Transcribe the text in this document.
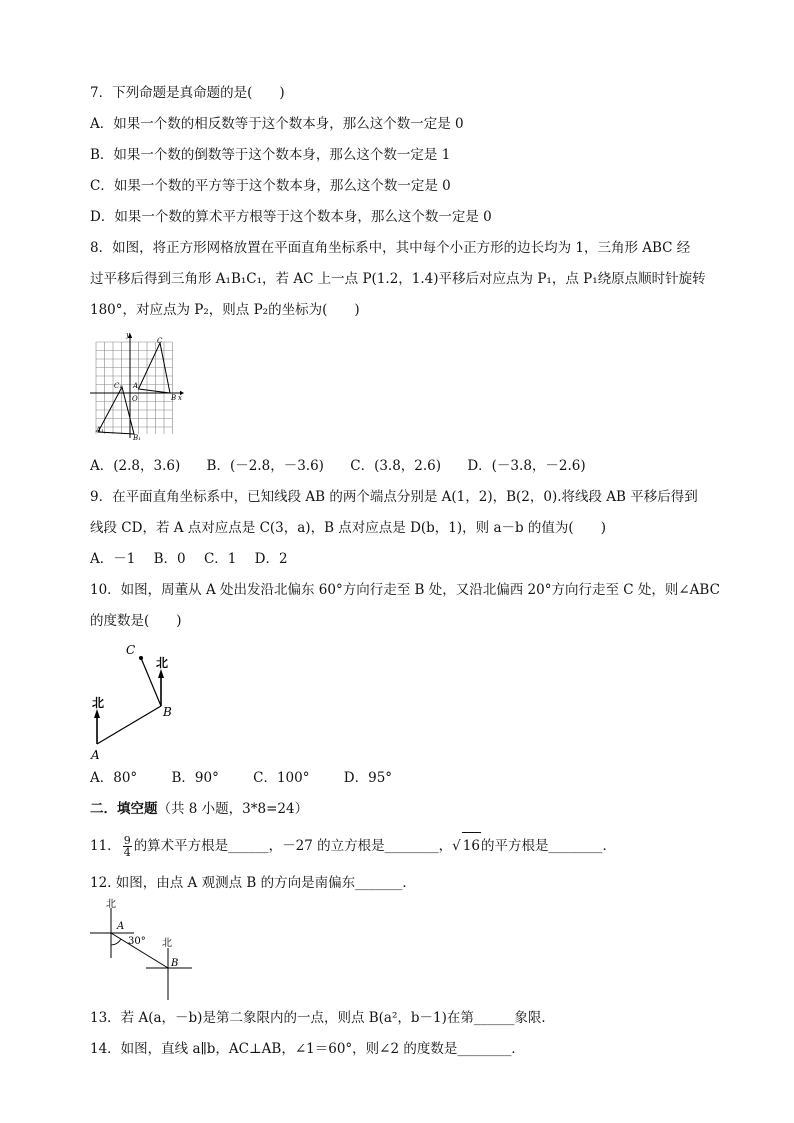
7．下列命题是真命题的是(　　)
A．如果一个数的相反数等于这个数本身，那么这个数一定是 0
B．如果一个数的倒数等于这个数本身，那么这个数一定是 1
C．如果一个数的平方等于这个数本身，那么这个数一定是 0
D．如果一个数的算术平方根等于这个数本身，那么这个数一定是 0
8．如图，将正方形网格放置在平面直角坐标系中，其中每个小正方形的边长均为 1，三角形 ABC 经
过平移后得到三角形 A₁B₁C₁，若 AC 上一点 P(1.2，1.4)平移后对应点为 P₁，点 P₁绕原点顺时针旋转
180°，对应点为 P₂，则点 P₂的坐标为(　　)
y
x
O
A
B
C
A₁
B₁
C₁
A．(2.8，3.6) B．(－2.8，－3.6) C．(3.8，2.6) D．(－3.8，－2.6)
9．在平面直角坐标系中，已知线段 AB 的两个端点分别是 A(1，2)，B(2，0).将线段 AB 平移后得到
线段 CD，若 A 点对应点是 C(3，a)，B 点对应点是 D(b，1)，则 a－b 的值为(　　)
A．－1 B．0 C．1 D．2
10．如图，周董从 A 处出发沿北偏东 60°方向行走至 B 处，又沿北偏西 20°方向行走至 C 处，则∠ABC
的度数是(　　)
C
北
北
B
A
A．80°	B．90°	C．100°	D．95°
二．填空题（共 8 小题，3*8=24）
11． $\frac{9}{4}$ 的算术平方根是______，－27 的立方根是________，√ 16的平方根是________．
12. 如图，由点 A 观测点 B 的方向是南偏东_______．
北
A
30° 北
B
13．若 A(a，－b)是第二象限内的一点，则点 B(a²，b－1)在第______象限．
14．如图，直线 a∥b，AC⊥AB，∠1＝60°，则∠2 的度数是________．
